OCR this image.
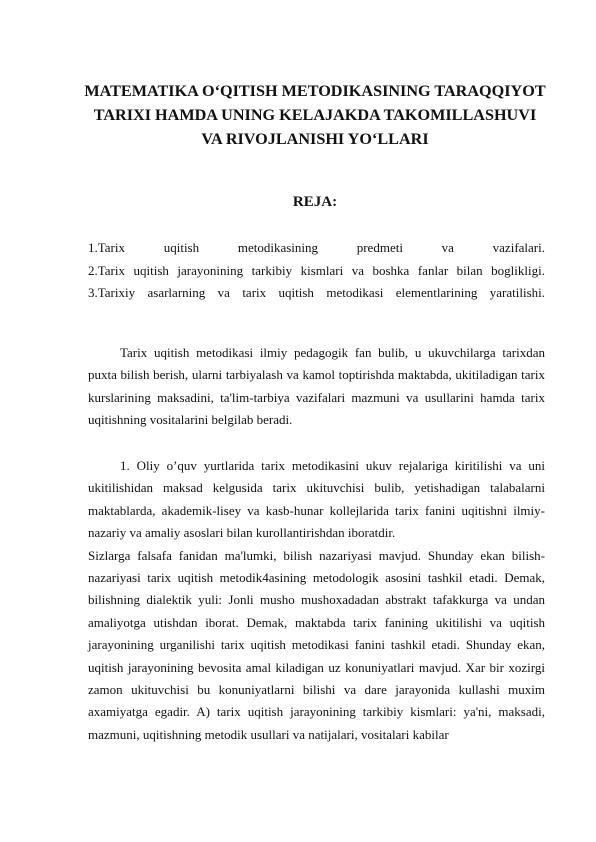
MATEMATIKA O‘QITISH METODIKASINING TARAQQIYOT
TARIXI HAMDA UNING KELAJAKDA TAKOMILLASHUVI
VA RIVOJLANISHI YO‘LLARI
REJA:
1.Tarix uqitish metodikasining predmeti va vazifalari.
2.Tarix uqitish jarayonining tarkibiy kismlari va boshka fanlar bilan boglikligi.
3.Tarixiy asarlarning va tarix uqitish metodikasi elementlarining yaratilishi.

Tarix uqitish metodikasi ilmiy pedagogik fan bulib, u ukuvchilarga tarixdan puxta bilish berish, ularni tarbiyalash va kamol toptirishda maktabda, ukitiladigan tarix kurslarining maksadini, ta'lim-tarbiya vazifalari mazmuni va usullarini hamda tarix uqitishning vositalarini belgilab beradi.

1. Oliy o’quv yurtlarida tarix metodikasini ukuv rejalariga kiritilishi va uni ukitilishidan maksad kelgusida tarix ukituvchisi bulib, yetishadigan talabalarni maktablarda, akademik-lisey va kasb-hunar kollejlarida tarix fanini uqitishni ilmiy-nazariy va amaliy asoslari bilan kurollantirishdan iboratdir.

Sizlarga falsafa fanidan ma'lumki, bilish nazariyasi mavjud. Shunday ekan bilish-nazariyasi tarix uqitish metodik4asining metodologik asosini tashkil etadi. Demak, bilishning dialektik yuli: Jonli musho mushoxadadan abstrakt tafakkurga va undan amaliyotga utishdan iborat. Demak, maktabda tarix fanining ukitilishi va uqitish jarayonining urganilishi tarix uqitish metodikasi fanini tashkil etadi. Shunday ekan, uqitish jarayonining bevosita amal kiladigan uz konuniyatlari mavjud. Xar bir xozirgi zamon ukituvchisi bu konuniyatlarni bilishi va dare jarayonida kullashi muxim axamiyatga egadir. A) tarix uqitish jarayonining tarkibiy kismlari: ya'ni, maksadi, mazmuni, uqitishning metodik usullari va natijalari, vositalari kabilar
